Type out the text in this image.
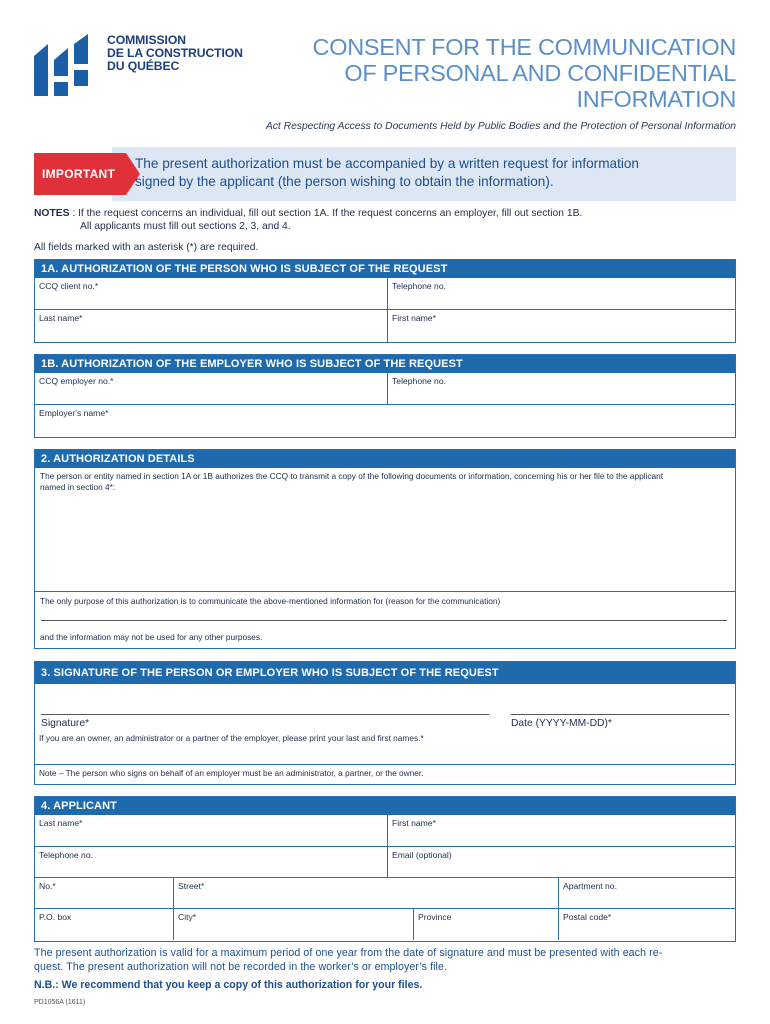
COMMISSION
DE LA CONSTRUCTION
DU QUÉBEC
CONSENT FOR THE COMMUNICATION
OF PERSONAL AND CONFIDENTIAL
INFORMATION
Act Respecting Access to Documents Held by Public Bodies and the Protection of Personal Information
IMPORTANT
The present authorization must be accompanied by a written request for information
signed by the applicant (the person wishing to obtain the information).
NOTES : If the request concerns an individual, fill out section 1A. If the request concerns an employer, fill out section 1B.
All applicants must fill out sections 2, 3, and 4.
All fields marked with an asterisk (*) are required.
1A. AUTHORIZATION OF THE PERSON WHO IS SUBJECT OF THE REQUEST
CCQ client no.*	Telephone no.
Last name*	First name*
1B. AUTHORIZATION OF THE EMPLOYER WHO IS SUBJECT OF THE REQUEST
CCQ employer no.*	Telephone no.
Employer's name*
2. AUTHORIZATION DETAILS
The person or entity named in section 1A or 1B authorizes the CCQ to transmit a copy of the following documents or information, concerning his or her file to the applicant
named in section 4*:
The only purpose of this authorization is to communicate the above-mentioned information for (reason for the communication)
and the information may not be used for any other purposes.
3. SIGNATURE OF THE PERSON OR EMPLOYER WHO IS SUBJECT OF THE REQUEST
Signature*	Date (YYYY-MM-DD)*
If you are an owner, an administrator or a partner of the employer, please print your last and first names.*
Note – The person who signs on behalf of an employer must be an administrator, a partner, or the owner.
4. APPLICANT
Last name*	First name*
Telephone no.	Email (optional)
No.*	Street*	Apartment no.
P.O. box	City*	Province	Postal code*
The present authorization is valid for a maximum period of one year from the date of signature and must be presented with each re-
quest. The present authorization will not be recorded in the worker’s or employer’s file.
N.B.: We recommend that you keep a copy of this authorization for your files.
PD1056A (1611)
